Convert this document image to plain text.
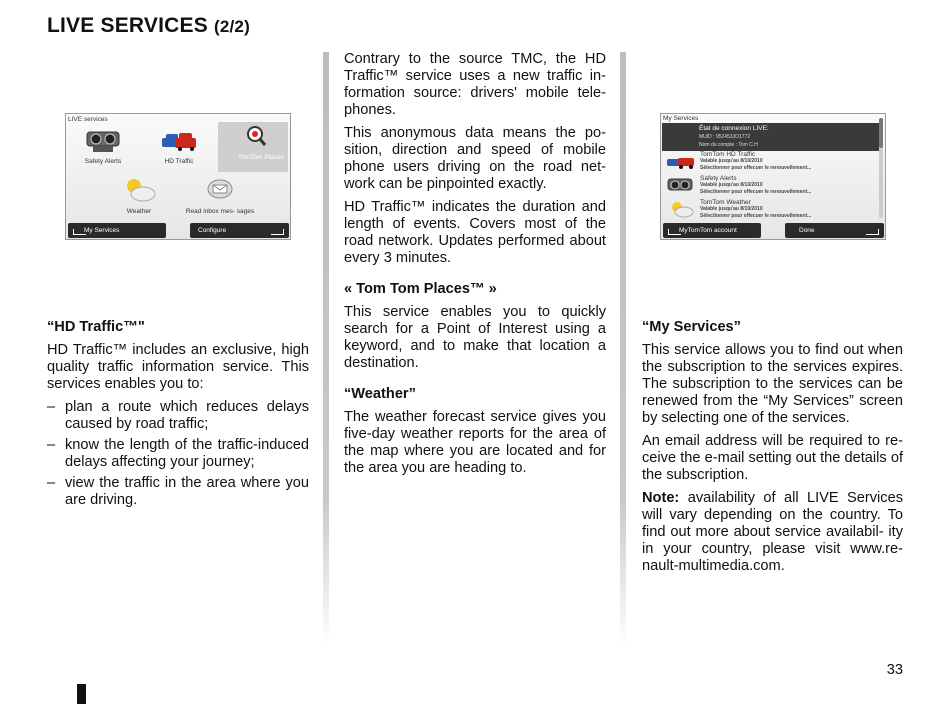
LIVE SERVICES (2/2)
LIVE services
Safety Alerts	HD Traffic
TomTom Places
Weather	Read inbox mes- sages
My Services	Configure
My Services
État de connexion LIVE:
MUID : 952453JO1772
Nom du compte : Tom C.H
TomTom HD Traffic
Valable jusqu'au 8/10/2010
Sélectionner pour effecuer le renouvellement...
Safety Alerts
Valable jusqu'au 8/10/2010
Sélectionner pour effecuer le renouvellement...
TomTom Weather
Valable jusqu'au 8/10/2010
Sélectionner pour effecuer le renouvellement...
MyTomTom account	Done
“HD Traffic™"

HD Traffic™ includes an exclusive, high quality traffic information service. This services enables you to:

– plan a route which reduces delays caused by road traffic;
– know the length of the traffic-induced delays affecting your journey;
– view the traffic in the area where you are driving.

Contrary to the source TMC, the HD Traffic™ service uses a new traffic in- formation source: drivers' mobile tele- phones.

This anonymous data means the po- sition, direction and speed of mobile phone users driving on the road net- work can be pinpointed exactly.

HD Traffic™ indicates the duration and length of events. Covers most of the road network. Updates performed about every 3 minutes.

« Tom Tom Places™ »

This service enables you to quickly search for a Point of Interest using a keyword, and to make that location a destination.

“Weather”

The weather forecast service gives you five-day weather reports for the area of the map where you are located and for the area you are heading to.

“My Services”

This service allows you to find out when the subscription to the services expires. The subscription to the services can be renewed from the “My Services” screen by selecting one of the services.

An email address will be required to re- ceive the e-mail setting out the details of the subscription.

Note: availability of all LIVE Services will vary depending on the country. To find out more about service availabil- ity in your country, please visit www.re- nault-multimedia.com.

33
